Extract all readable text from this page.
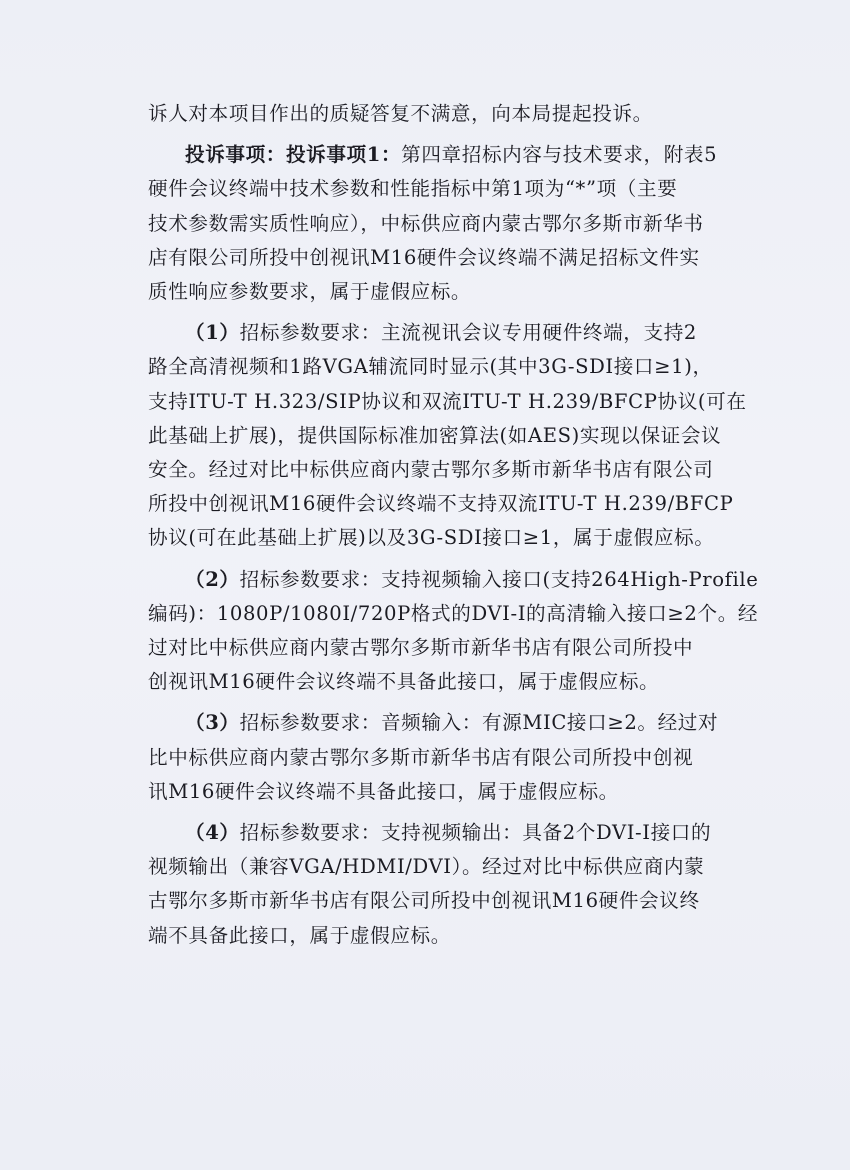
诉人对本项目作出的质疑答复不满意，向本局提起投诉。

投诉事项：投诉事项1：第四章招标内容与技术要求，附表5
硬件会议终端中技术参数和性能指标中第1项为“*”项（主要
技术参数需实质性响应），中标供应商内蒙古鄂尔多斯市新华书
店有限公司所投中创视讯M16硬件会议终端不满足招标文件实
质性响应参数要求，属于虚假应标。

（1）招标参数要求：主流视讯会议专用硬件终端，支持2
路全高清视频和1路VGA辅流同时显示(其中3G-SDI接口≥1)，
支持ITU-T H.323/SIP协议和双流ITU-T H.239/BFCP协议(可在
此基础上扩展)，提供国际标准加密算法(如AES)实现以保证会议
安全。经过对比中标供应商内蒙古鄂尔多斯市新华书店有限公司
所投中创视讯M16硬件会议终端不支持双流ITU-T H.239/BFCP
协议(可在此基础上扩展)以及3G-SDI接口≥1，属于虚假应标。

（2）招标参数要求：支持视频输入接口(支持264High-Profile
编码)：1080P/1080I/720P格式的DVI-I的高清输入接口≥2个。经
过对比中标供应商内蒙古鄂尔多斯市新华书店有限公司所投中
创视讯M16硬件会议终端不具备此接口，属于虚假应标。

（3）招标参数要求：音频输入：有源MIC接口≥2。经过对
比中标供应商内蒙古鄂尔多斯市新华书店有限公司所投中创视
讯M16硬件会议终端不具备此接口，属于虚假应标。

（4）招标参数要求：支持视频输出：具备2个DVI-I接口的
视频输出（兼容VGA/HDMI/DVI）。经过对比中标供应商内蒙
古鄂尔多斯市新华书店有限公司所投中创视讯M16硬件会议终
端不具备此接口，属于虚假应标。
